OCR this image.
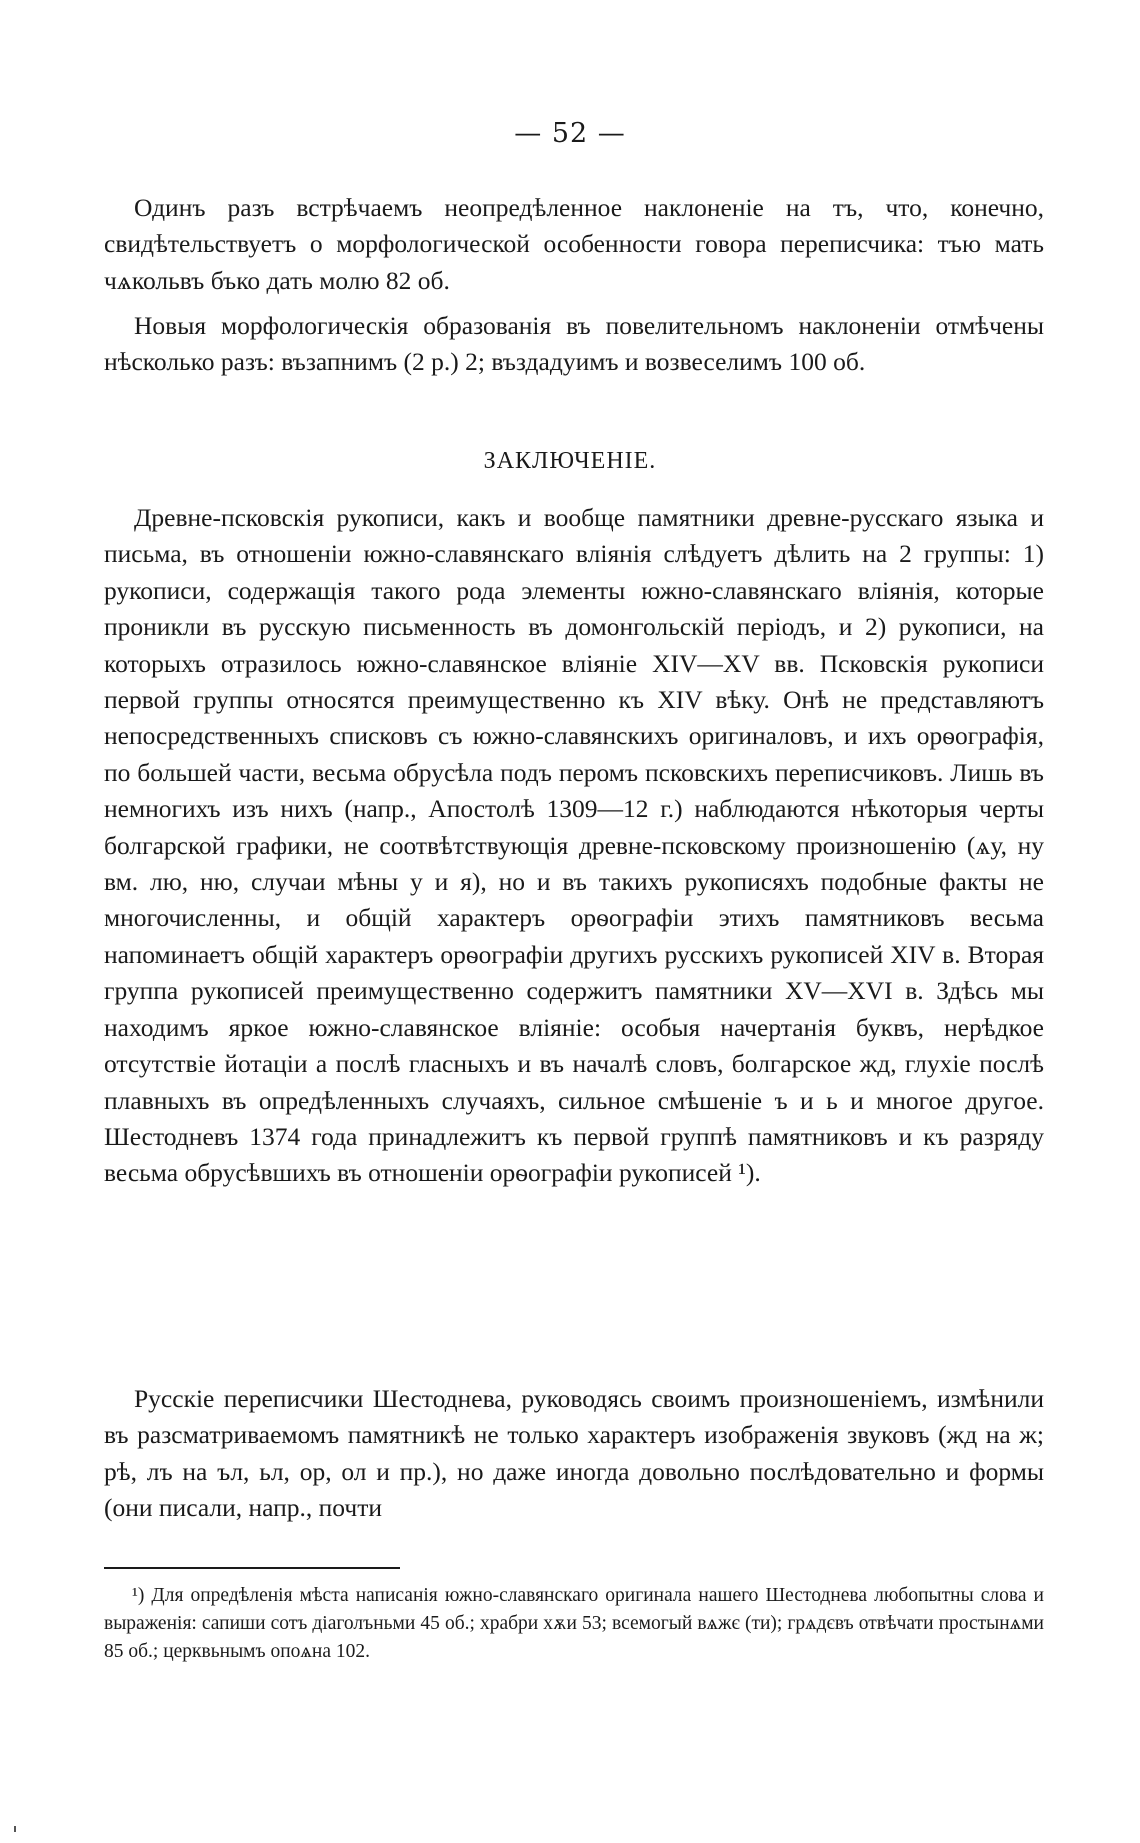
— 52 —

Одинъ разъ встрѣчаемъ неопредѣленное наклоненіе на тъ, что, конечно, свидѣтельствуетъ о морфологической особенности говора переписчика: тъю мать чѧкольвъ бъко дать молю 82 об.

Новыя морфологическія образованія въ повелительномъ наклоненіи отмѣчены нѣсколько разъ: възапнимъ (2 р.) 2; въздадуимъ и возвеселимъ 100 об.

ЗАКЛЮЧЕНІЕ.

Древне-псковскія рукописи, какъ и вообще памятники древне-русскаго языка и письма, въ отношеніи южно-славянскаго вліянія слѣдуетъ дѣлить на 2 группы: 1) рукописи, содержащія такого рода элементы южно-славянскаго вліянія, которые проникли въ русскую письменность въ домонгольскій періодъ, и 2) рукописи, на которыхъ отразилось южно-славянское вліяніе XIV—XV вв. Псковскія рукописи первой группы относятся преимущественно къ XIV вѣку. Онѣ не представляютъ непосредственныхъ списковъ съ южно-славянскихъ оригиналовъ, и ихъ орѳографія, по большей части, весьма обрусѣла подъ перомъ псковскихъ переписчиковъ. Лишь въ немногихъ изъ нихъ (напр., Апостолѣ 1309—12 г.) наблюдаются нѣкоторыя черты болгарской графики, не соотвѣтствующія древне-псковскому произношенію (ѧу, ну вм. лю, ню, случаи мѣны у и я), но и въ такихъ рукописяхъ подобные факты не многочисленны, и общій характеръ орѳографіи этихъ памятниковъ весьма напоминаетъ общій характеръ орѳографіи другихъ русскихъ рукописей XIV в. Вторая группа рукописей преимущественно содержитъ памятники XV—XVI в. Здѣсь мы находимъ яркое южно-славянское вліяніе: особыя начертанія буквъ, нерѣдкое отсутствіе йотаціи а послѣ гласныхъ и въ началѣ словъ, болгарское жд, глухіе послѣ плавныхъ въ опредѣленныхъ случаяхъ, сильное смѣшеніе ъ и ь и многое другое. Шестодневъ 1374 года принадлежитъ къ первой группѣ памятниковъ и къ разряду весьма обрусѣвшихъ въ отношеніи орѳографіи рукописей ¹).

Русскіе переписчики Шестоднева, руководясь своимъ произношеніемъ, измѣнили въ разсматриваемомъ памятникѣ не только характеръ изображенія звуковъ (жд на ж; рѣ, лъ на ъл, ьл, ор, ол и пр.), но даже иногда довольно послѣдовательно и формы (они писали, напр., почти

¹) Для опредѣленія мѣста написанія южно-славянскаго оригинала нашего Шестоднева любопытны слова и выраженія: сапиши сотъ діаголъньми 45 об.; храбри хѫи 53; всемогый вѧжє (ти); грѧдєвъ отвѣчати простынѧми 85 об.; церквьнымъ опоѧна 102.
